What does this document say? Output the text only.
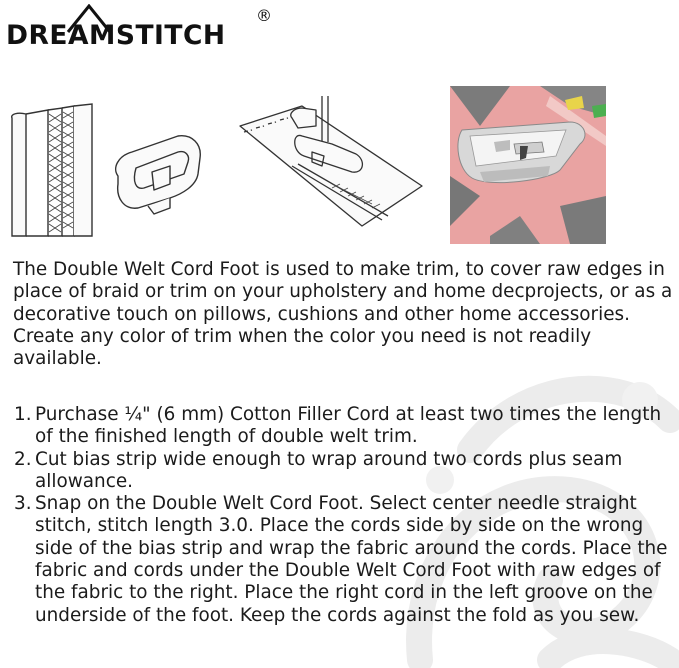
DREAMSTITCH
®

The Double Welt Cord Foot is used to make trim, to cover raw edges in place of braid or trim on your upholstery and home decprojects, or as a decorative touch on pillows, cushions and other home accessories.

Create any color of trim when the color you need is not readily available.

1. Purchase ¼" (6 mm) Cotton Filler Cord at least two times the length of the finished length of double welt trim.

2. Cut bias strip wide enough to wrap around two cords plus seam allowance.

3. Snap on the Double Welt Cord Foot. Select center needle straight stitch, stitch length 3.0. Place the cords side by side on the wrong side of the bias strip and wrap the fabric around the cords. Place the fabric and cords under the Double Welt Cord Foot with raw edges of the fabric to the right. Place the right cord in the left groove on the underside of the foot. Keep the cords against the fold as you sew.
